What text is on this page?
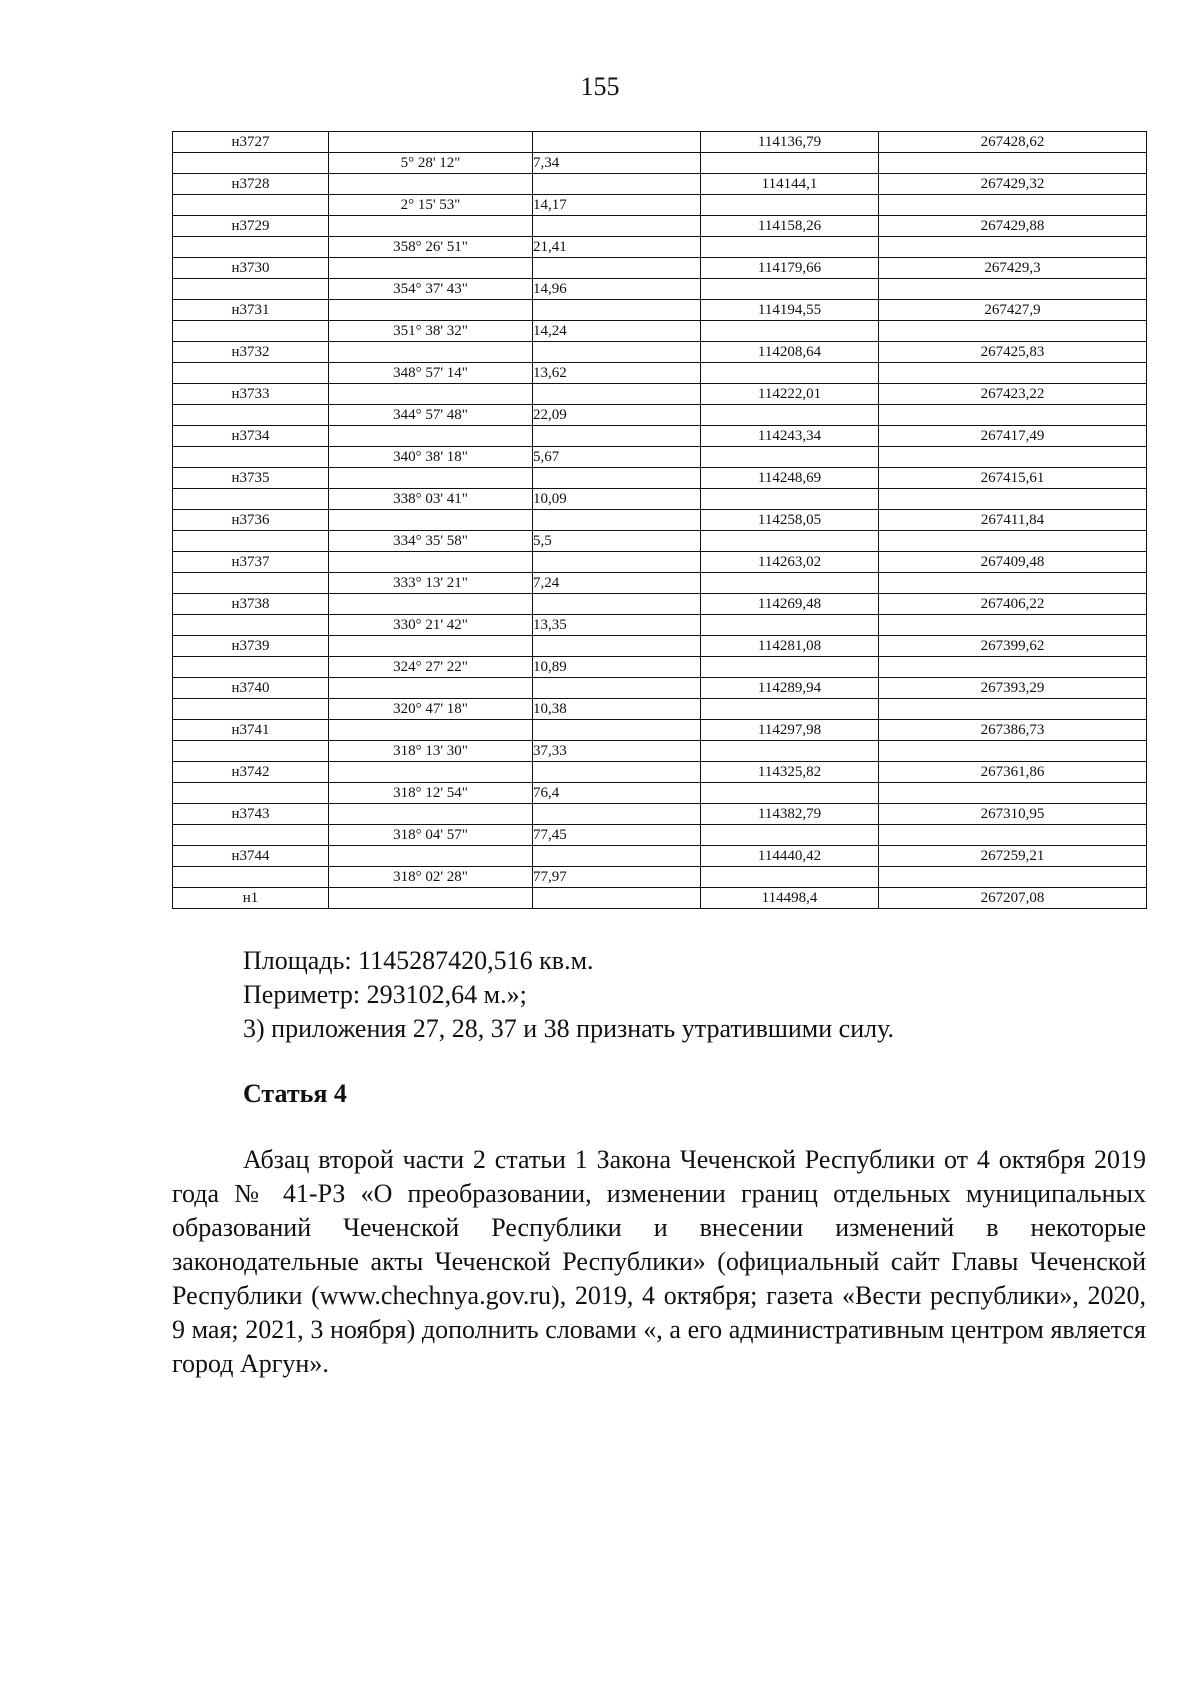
155
н3727			114136,79	267428,62
	5° 28' 12"	7,34		
н3728			114144,1	267429,32
	2° 15' 53"	14,17		
н3729			114158,26	267429,88
	358° 26' 51"	21,41		
н3730			114179,66	267429,3
	354° 37' 43"	14,96		
н3731			114194,55	267427,9
	351° 38' 32"	14,24		
н3732			114208,64	267425,83
	348° 57' 14"	13,62		
н3733			114222,01	267423,22
	344° 57' 48"	22,09		
н3734			114243,34	267417,49
	340° 38' 18"	5,67		
н3735			114248,69	267415,61
	338° 03' 41"	10,09		
н3736			114258,05	267411,84
	334° 35' 58"	5,5		
н3737			114263,02	267409,48
	333° 13' 21"	7,24		
н3738			114269,48	267406,22
	330° 21' 42"	13,35		
н3739			114281,08	267399,62
	324° 27' 22"	10,89		
н3740			114289,94	267393,29
	320° 47' 18"	10,38		
н3741			114297,98	267386,73
	318° 13' 30"	37,33		
н3742			114325,82	267361,86
	318° 12' 54"	76,4		
н3743			114382,79	267310,95
	318° 04' 57"	77,45		
н3744			114440,42	267259,21
	318° 02' 28"	77,97		
н1			114498,4	267207,08
Площадь: 1145287420,516 кв.м.
Периметр: 293102,64 м.»;
3) приложения 27, 28, 37 и 38 признать утратившими силу.
Статья 4

Абзац второй части 2 статьи 1 Закона Чеченской Республики от 4 октября 2019 года № 41-РЗ «О преобразовании, изменении границ отдельных муниципальных образований Чеченской Республики и внесении изменений в некоторые законодательные акты Чеченской Республики» (официальный сайт Главы Чеченской Республики (www.chechnya.gov.ru), 2019, 4 октября; газета «Вести республики», 2020, 9 мая; 2021, 3 ноября) дополнить словами «, а его административным центром является город Аргун».
